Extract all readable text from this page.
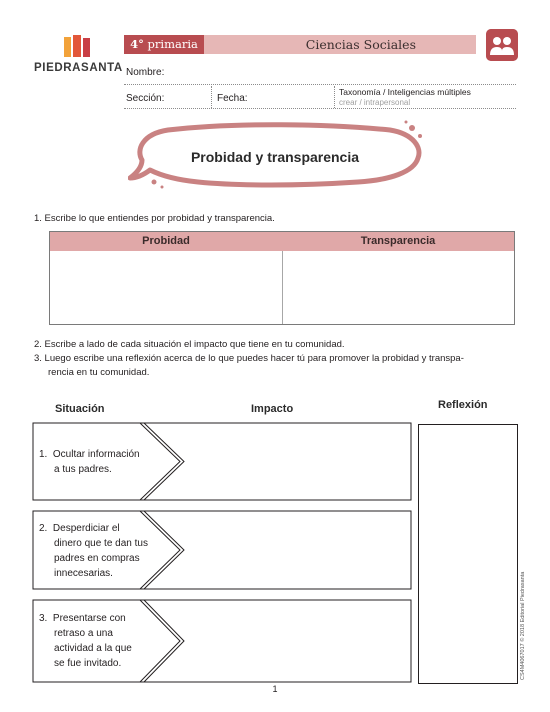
PIEDRASANTA
4° primaria	Ciencias Sociales
Nombre:
Sección:	Fecha:
Taxonomía / Inteligencias múltiples
crear / intrapersonal
Probidad y transparencia
1. Escribe lo que entiendes por probidad y transparencia.
Probidad	Transparencia
2. Escribe a lado de cada situación el impacto que tiene en tu comunidad.
3. Luego escribe una reflexión acerca de lo que puedes hacer tú para promover la probidad y transpa-
rencia en tu comunidad.
Situación	Impacto	Reflexión
1. Ocultar información
a tus padres.
2. Desperdiciar el
dinero que te dan tus
padres en compras
innecesarias.
3. Presentarse con
retraso a una
actividad a la que
se fue invitado.	CS4M4067017 © 2018 Editorial Piedrasanta
1
